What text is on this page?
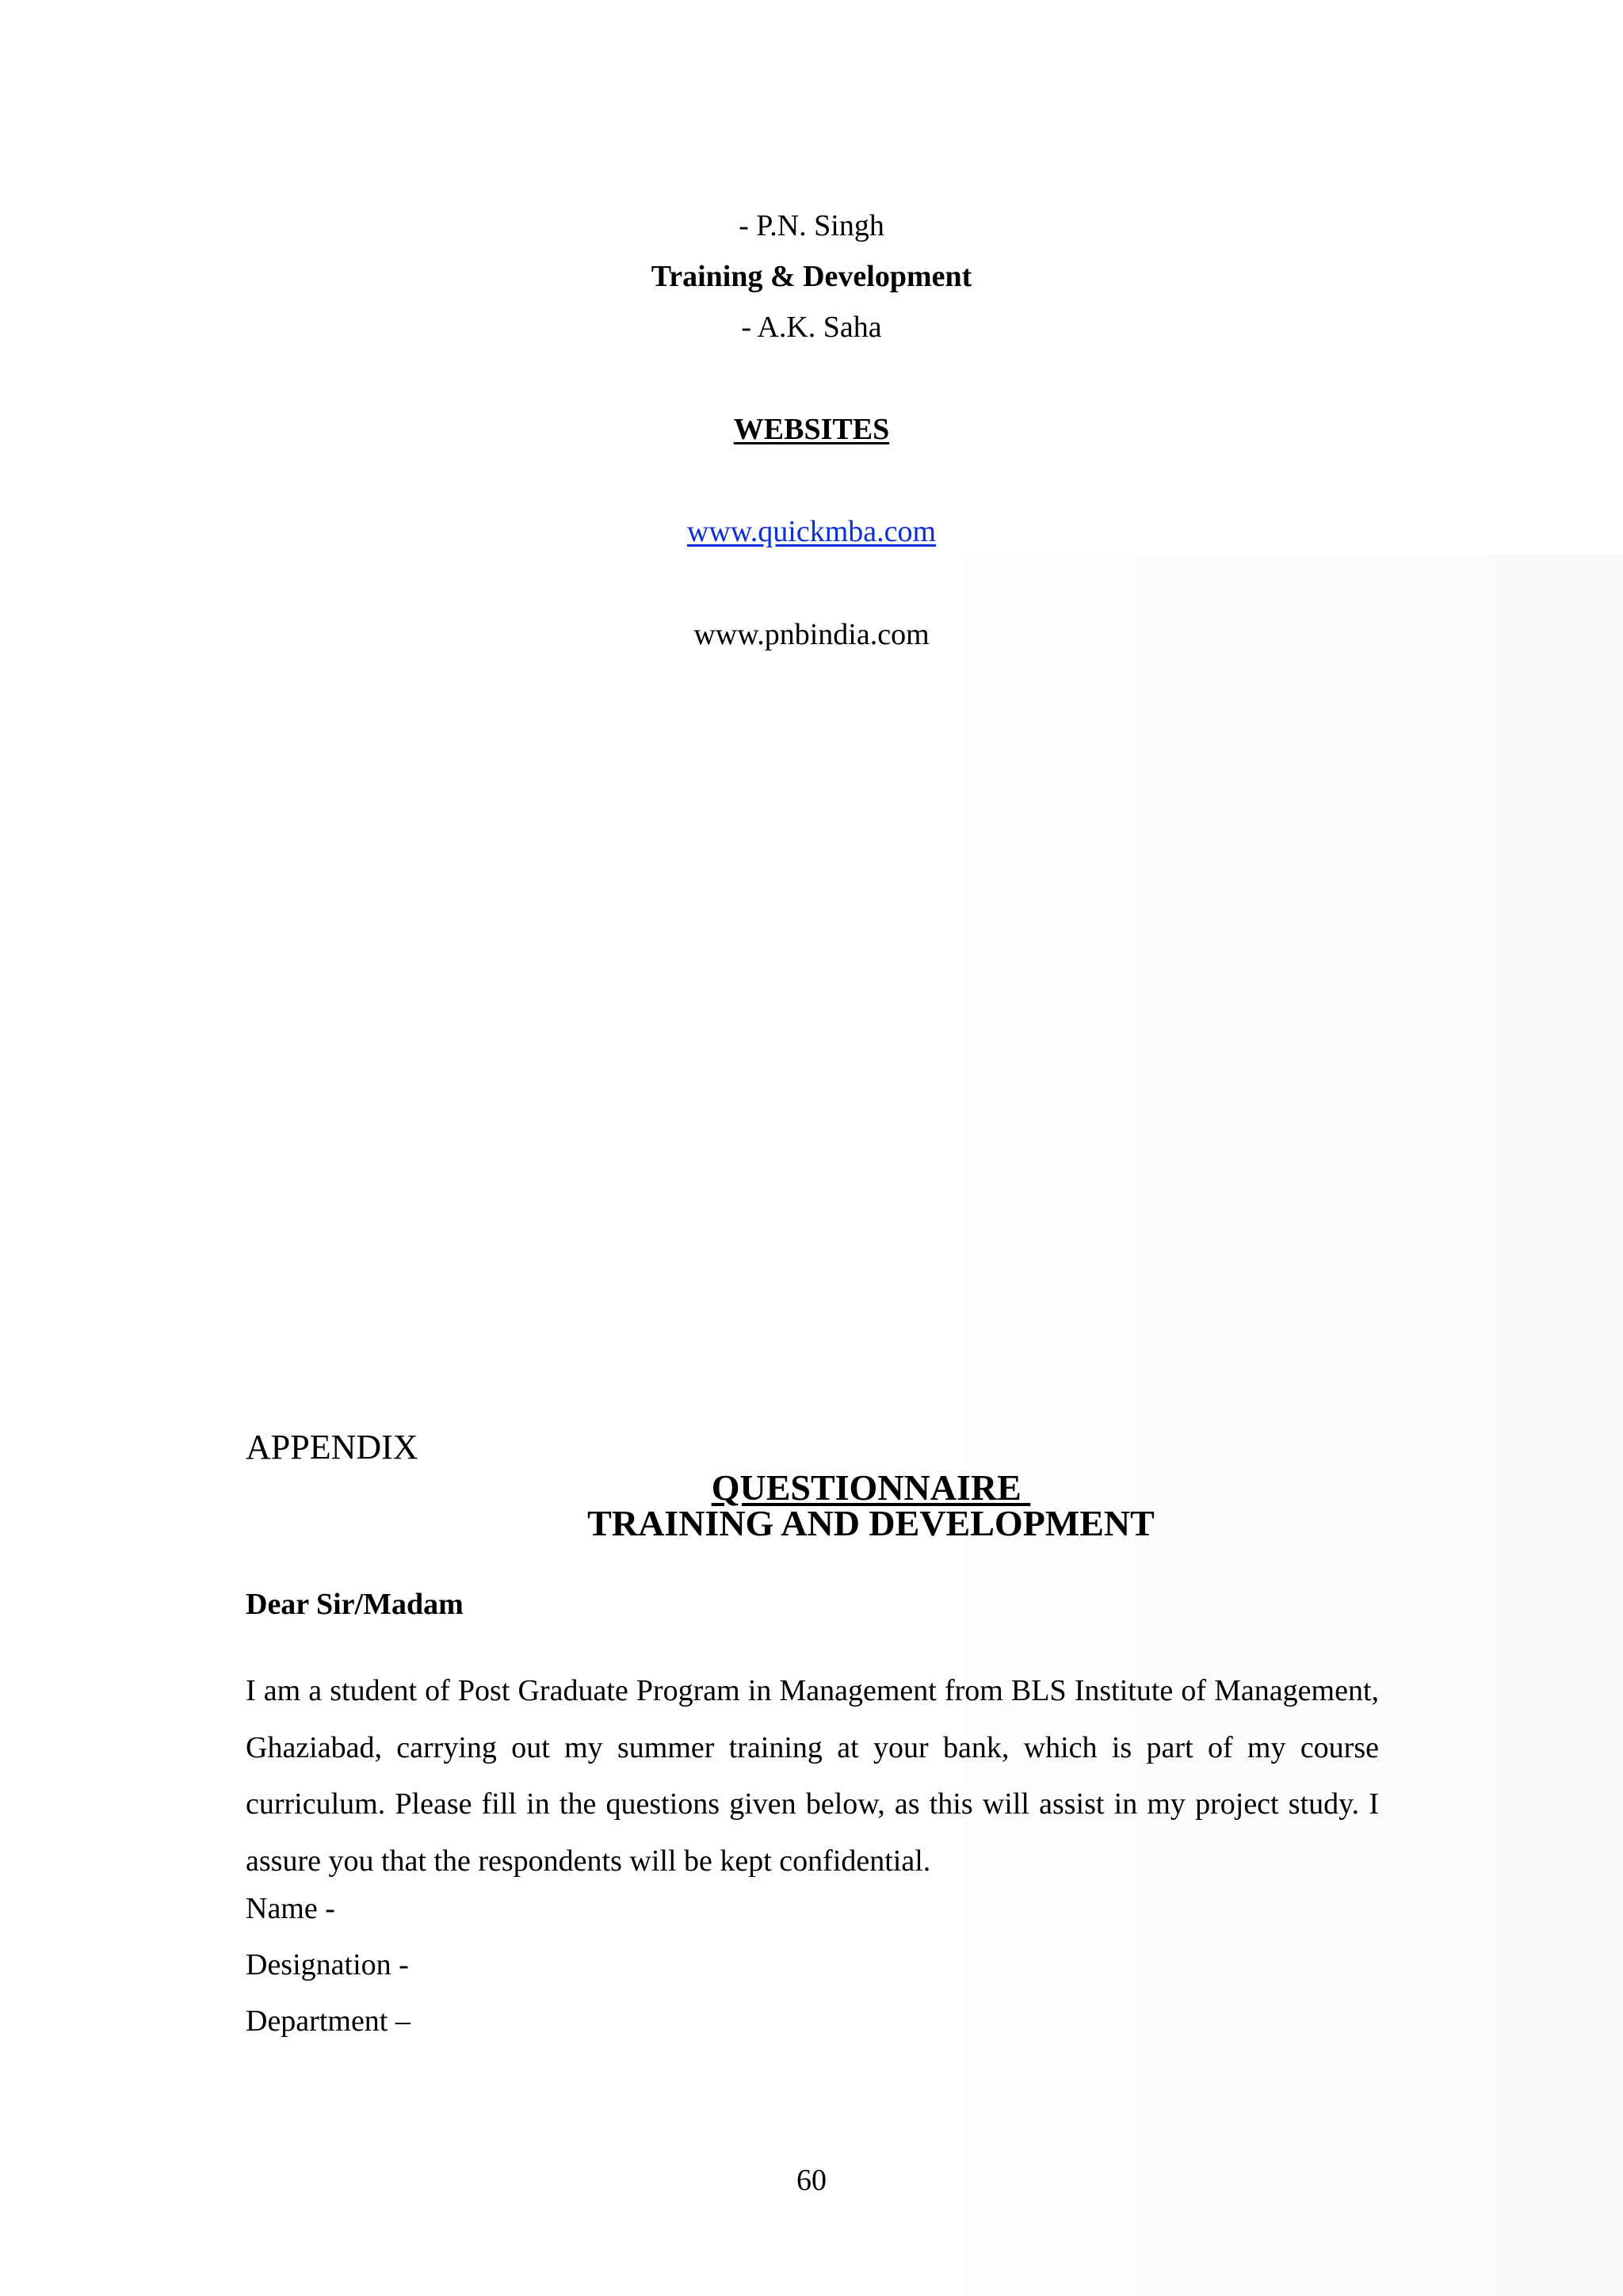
- P.N. Singh
Training & Development
- A.K. Saha
WEBSITES
www.quickmba.com
www.pnbindia.com
APPENDIX
QUESTIONNAIRE
TRAINING AND DEVELOPMENT
Dear Sir/Madam
I am a student of Post Graduate Program in Management from BLS Institute of Management, Ghaziabad, carrying out my summer training at your bank, which is part of my course curriculum. Please fill in the questions given below, as this will assist in my project study. I assure you that the respondents will be kept confidential.
Name -
Designation -
Department –
60
